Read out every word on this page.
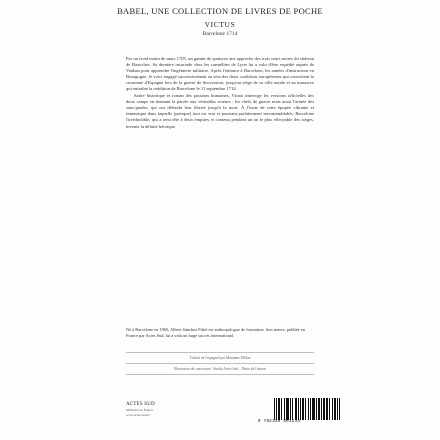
BABEL, UNE COLLECTION DE LIVRES DE POCHE
VICTUS
Barcelone 1714

Par un froid matin de mars 1705, un gamin de quatorze ans approche des trois tours noires du château de Bazoches. Sa dernière incartade chez les carmélites de Lyon lui a valu d'être expédié auprès de Vauban pour apprendre l'ingénierie militaire. Après l'enfance à Barcelone, les années d'instruction en Bourgogne, le voici engagé successivement au sein des deux coalitions européennes qui convoitent la couronne d'Espagne lors de la guerre de Succession, jusqu'au siège de sa ville natale et au massacre qui entraîne la reddition de Barcelone le 11 septembre 1714.

Satire historique et roman des passions humaines, Victus interroge les versions officielles des deux camps en donnant la parole aux véritables acteurs : les chefs de guerre mais aussi l'armée des sans-grades, qui ont défendu leur liberté jusqu'à la mort. À l'issue de cette épopée vibrante et fantastique dans laquelle (presque) tout est vrai et pourtant parfaitement invraisemblable, Barcelone l'irréductible, qui a tenu tête à deux empires et contenu pendant un an le plus effroyable des sièges, invente la défaite héroïque.

Né à Barcelone en 1965, Albert Sánchez Piñol est anthropologue de formation. Son œuvre, publiée en France par Actes Sud, lui a valu un large succès international.
Traduit de l'espagnol par Marianne Millon
Illustration de couverture : Studio Actes Sud – Photo de l'auteur
ACTES SUD
Diffusion en France
www.actes-sud.fr
9 782330 061234
